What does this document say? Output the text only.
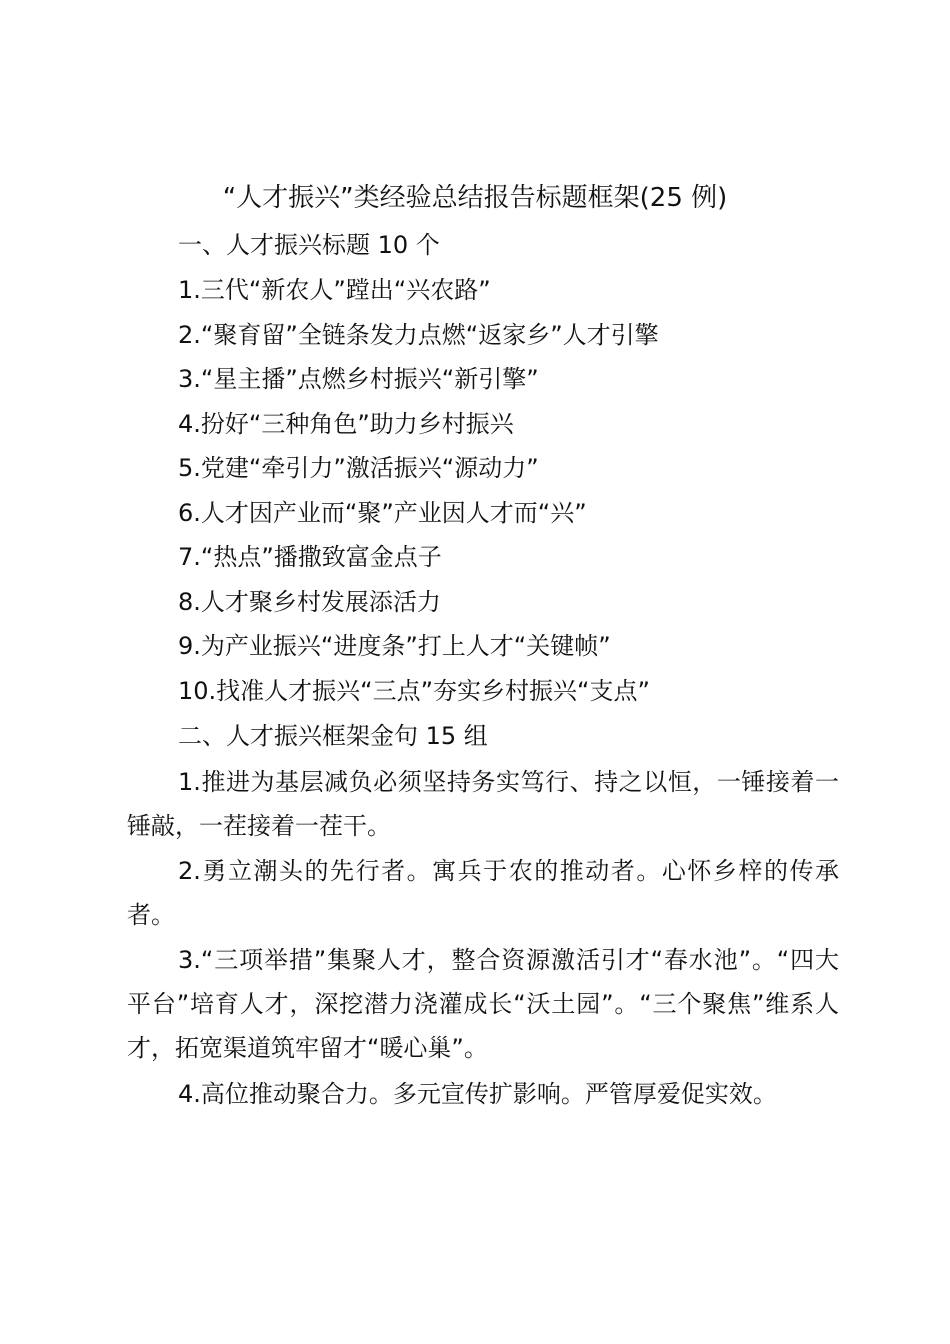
“人才振兴”类经验总结报告标题框架(25 例)
一、人才振兴标题 10 个
1.三代“新农人”蹚出“兴农路”
2.“聚育留”全链条发力点燃“返家乡”人才引擎
3.“星主播”点燃乡村振兴“新引擎”
4.扮好“三种角色”助力乡村振兴
5.党建“牵引力”激活振兴“源动力”
6.人才因产业而“聚”产业因人才而“兴”
7.“热点”播撒致富金点子
8.人才聚乡村发展添活力
9.为产业振兴“进度条”打上人才“关键帧”
10.找准人才振兴“三点”夯实乡村振兴“支点”
二、人才振兴框架金句 15 组
1.推进为基层减负必须坚持务实笃行、持之以恒，一锤接着一锤敲，一茬接着一茬干。
2.勇立潮头的先行者。寓兵于农的推动者。心怀乡梓的传承者。
3.“三项举措”集聚人才，整合资源激活引才“春水池”。“四大平台”培育人才，深挖潜力浇灌成长“沃土园”。“三个聚焦”维系人才，拓宽渠道筑牢留才“暖心巢”。
4.高位推动聚合力。多元宣传扩影响。严管厚爱促实效。
